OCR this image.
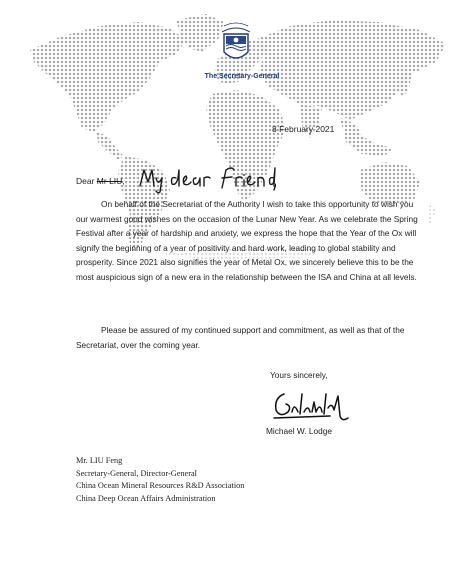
The Secretary-General
8 February 2021
Dear Mr LIU,

On behalf of the Secretariat of the Authority I wish to take this opportunity to wish you our warmest good wishes on the occasion of the Lunar New Year. As we celebrate the Spring Festival after a year of hardship and anxiety, we express the hope that the Year of the Ox will signify the beginning of a year of positivity and hard work, leading to global stability and prosperity. Since 2021 also signifies the year of Metal Ox, we sincerely believe this to be the most auspicious sign of a new era in the relationship between the ISA and China at all levels.

Please be assured of my continued support and commitment, as well as that of the Secretariat, over the coming year.

Yours sincerely,
Michael W. Lodge
Mr. LIU Feng
Secretary-General, Director-General
China Ocean Mineral Resources R&D Association
China Deep Ocean Affairs Administration
